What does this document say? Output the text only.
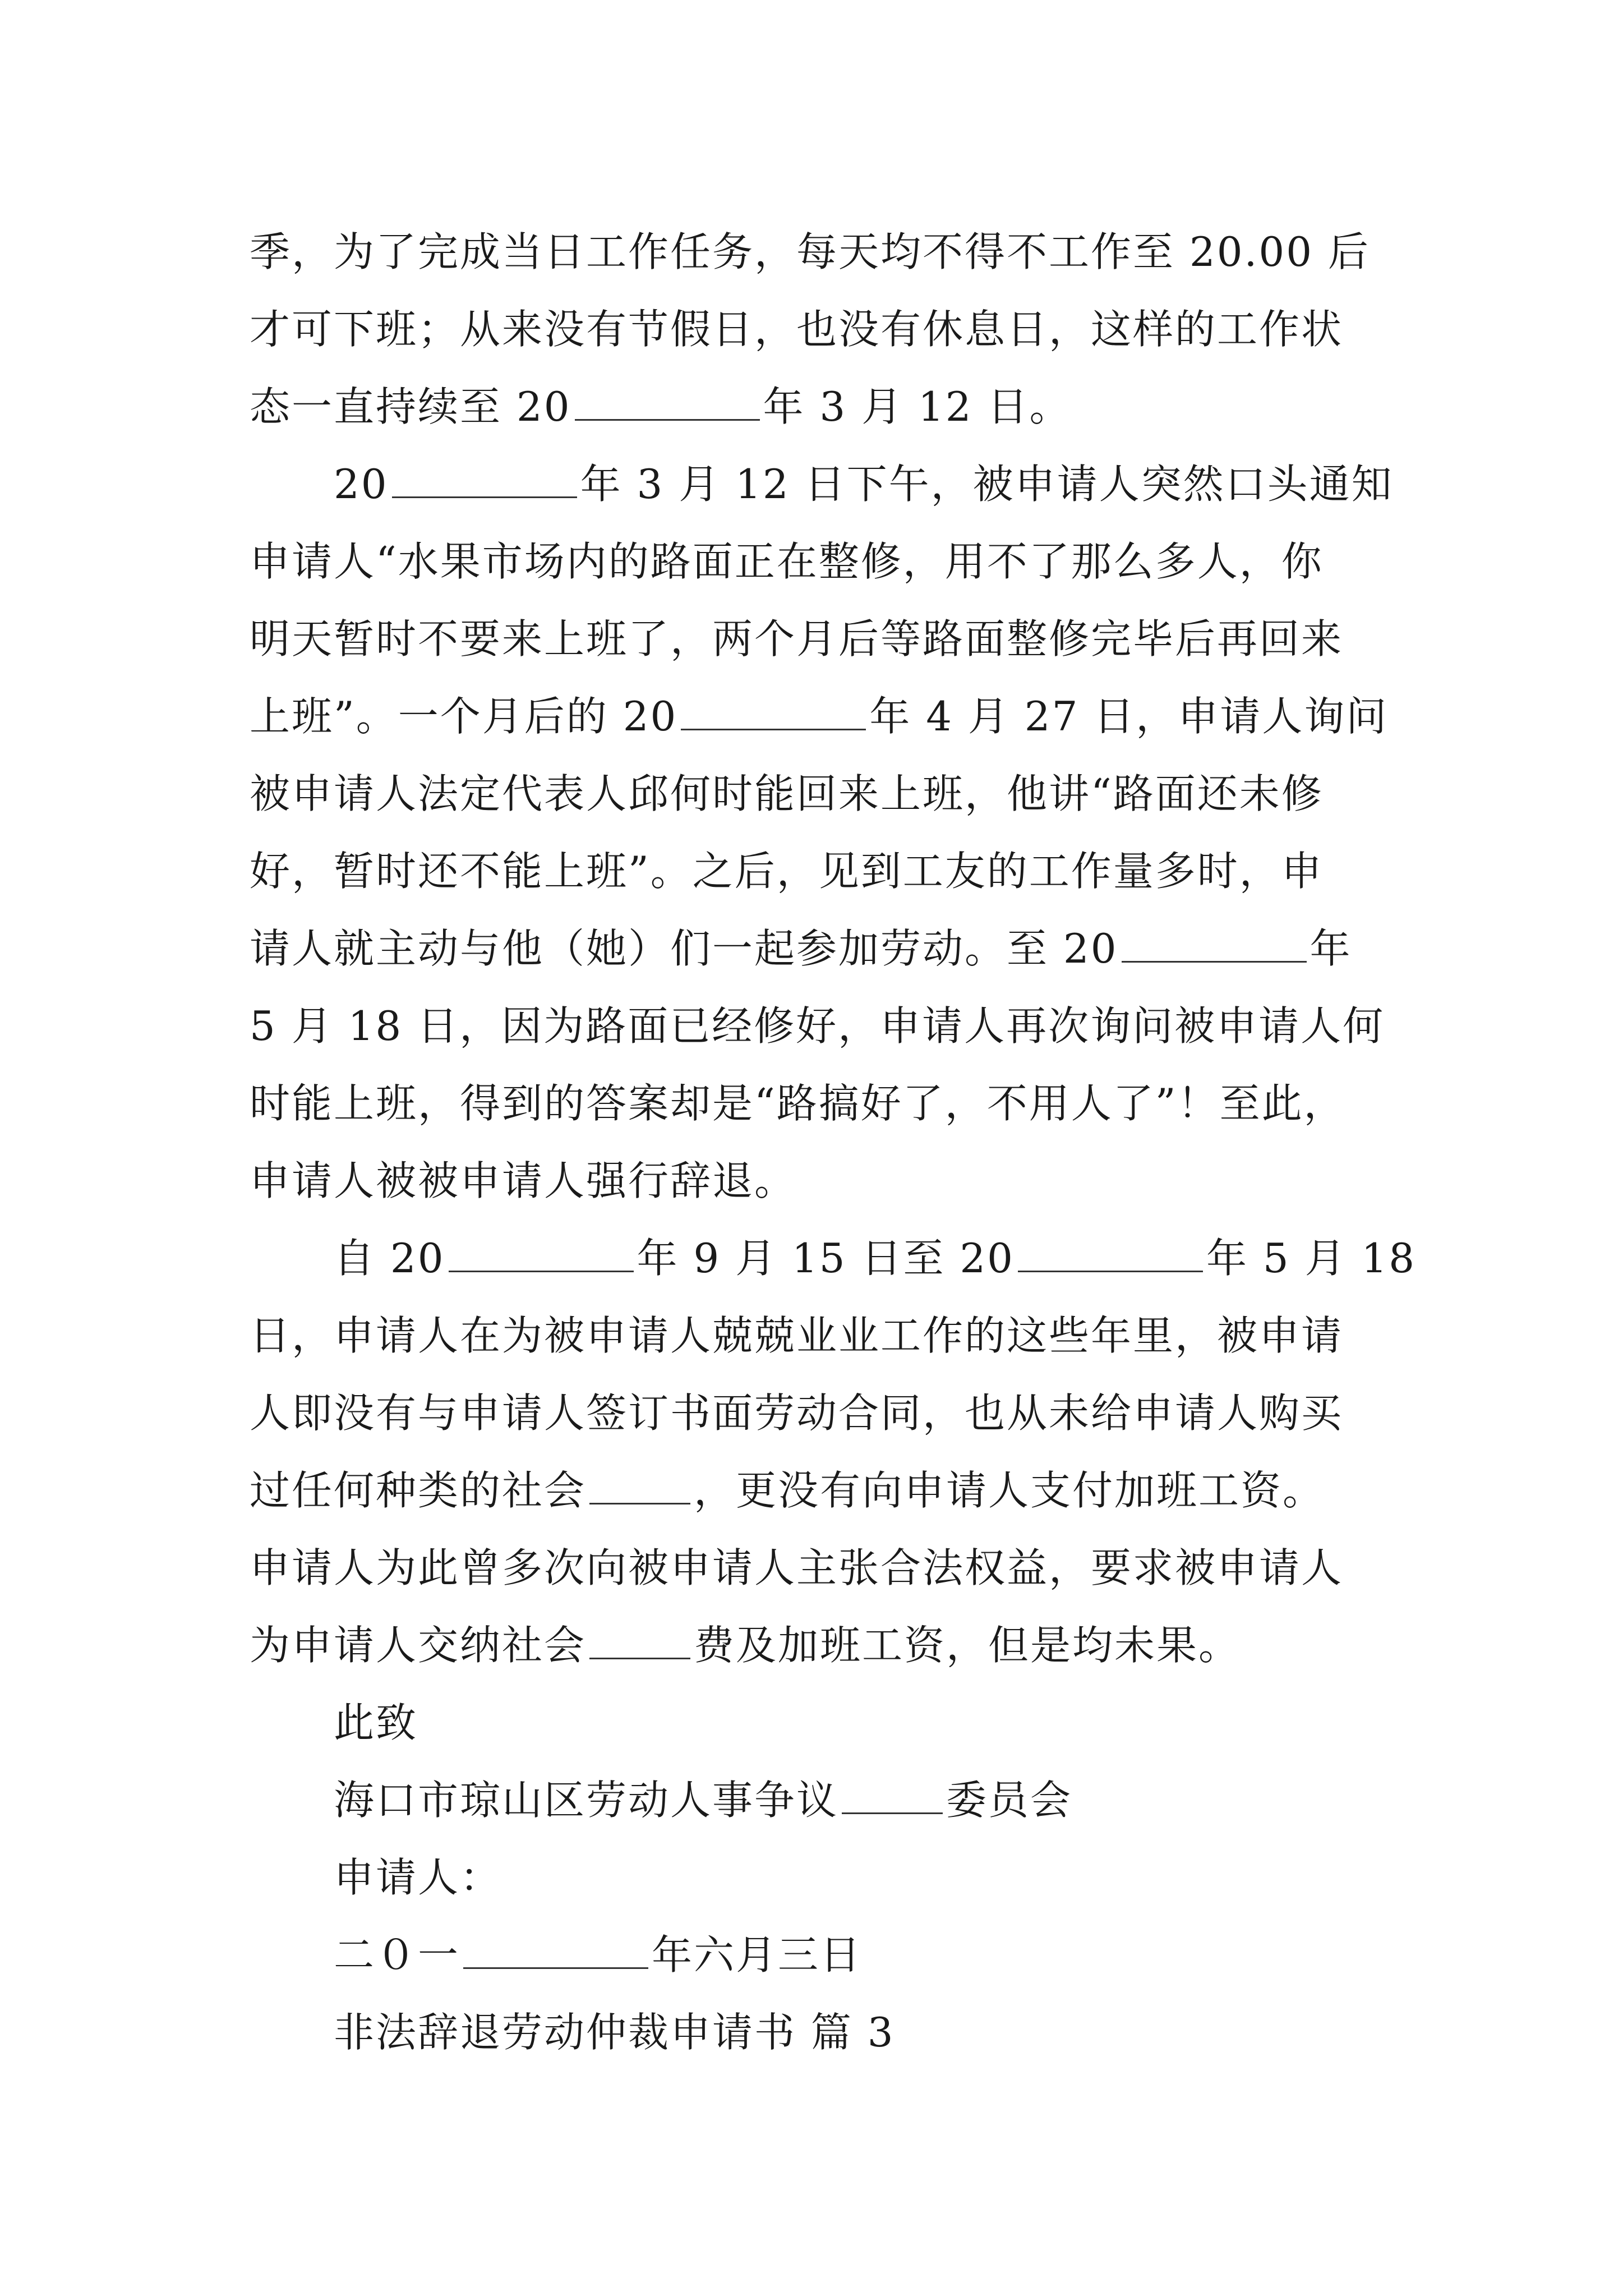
季，为了完成当日工作任务，每天均不得不工作至 20.00 后
才可下班；从来没有节假日，也没有休息日，这样的工作状
态一直持续至 20	年 3 月 12 日。
20	年 3 月 12 日下午，被申请人突然口头通知
申请人“水果市场内的路面正在整修，用不了那么多人，你
明天暂时不要来上班了，两个月后等路面整修完毕后再回来
上班”。一个月后的 20	年 4 月 27 日，申请人询问
被申请人法定代表人邱何时能回来上班，他讲“路面还未修
好，暂时还不能上班”。之后，见到工友的工作量多时，申
请人就主动与他（她）们一起参加劳动。至 20	年
5 月 18 日，因为路面已经修好，申请人再次询问被申请人何
时能上班，得到的答案却是“路搞好了，不用人了”！至此，
申请人被被申请人强行辞退。
自 20	年 9 月 15 日至 20	年 5 月 18
日，申请人在为被申请人兢兢业业工作的这些年里，被申请
人即没有与申请人签订书面劳动合同，也从未给申请人购买
过任何种类的社会	，更没有向申请人支付加班工资。
申请人为此曾多次向被申请人主张合法权益，要求被申请人
为申请人交纳社会	费及加班工资，但是均未果。
此致
海口市琼山区劳动人事争议	委员会
申请人：
二０一	年六月三日
非法辞退劳动仲裁申请书 篇 3
